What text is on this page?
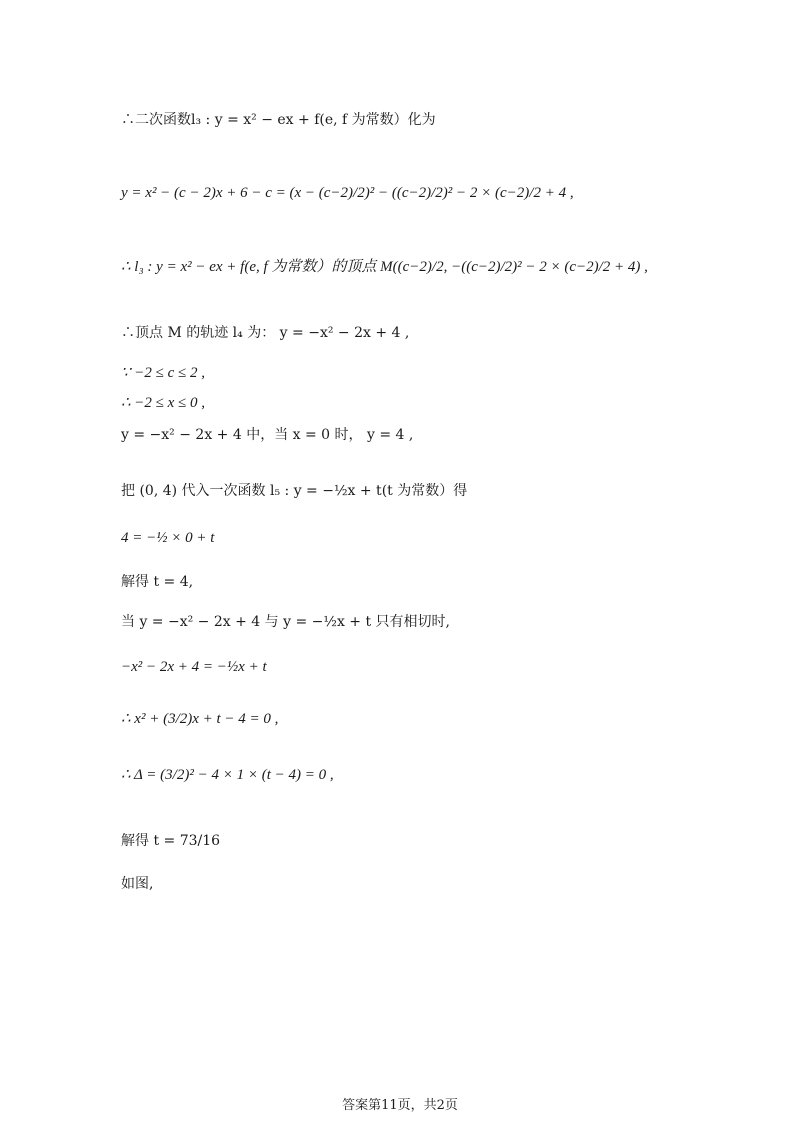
∴二次函数l₃ : y = x² − ex + f(e, f 为常数）化为
y = x² − (c − 2)x + 6 − c = (x − (c−2)/2)² − ((c−2)/2)² − 2 × (c−2)/2 + 4 ,
∴ l₃ : y = x² − ex + f(e, f 为常数）的顶点 M((c−2)/2, −((c−2)/2)² − 2 × (c−2)/2 + 4) ,
∴顶点 M 的轨迹 l₄ 为： y = −x² − 2x + 4 ,
∵ −2 ≤ c ≤ 2 ,
∴ −2 ≤ x ≤ 0 ,
y = −x² − 2x + 4 中，当 x = 0 时， y = 4 ,
把 (0, 4) 代入一次函数 l₅ : y = −½x + t(t 为常数）得
4 = −½ × 0 + t
解得 t = 4,
当 y = −x² − 2x + 4 与 y = −½x + t 只有相切时,
−x² − 2x + 4 = −½x + t
∴ x² + (3/2)x + t − 4 = 0 ,
∴ Δ = (3/2)² − 4 × 1 × (t − 4) = 0 ,
解得 t = 73/16
如图,
答案第11页，共2页
